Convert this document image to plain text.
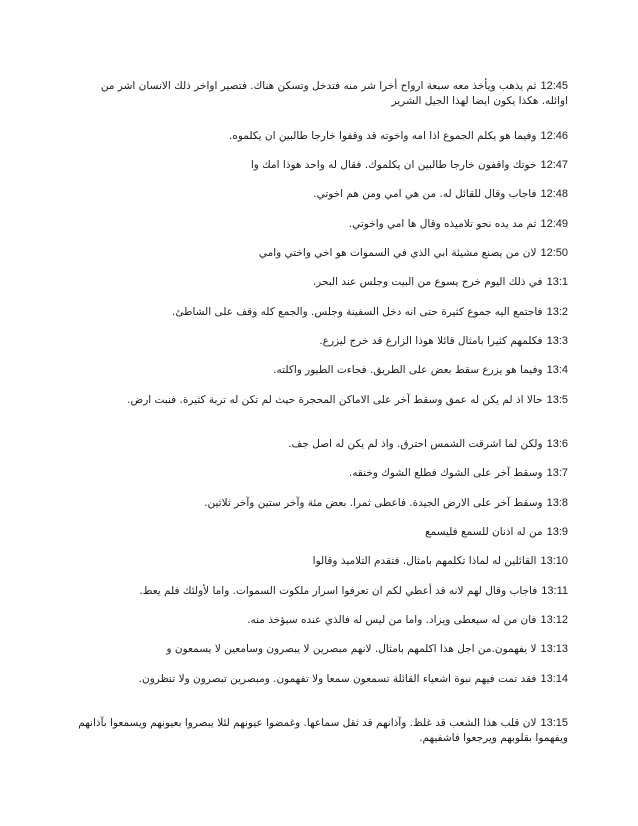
12:45ثم يذهب ويأخذ معه سبعة ارواح أخرا شر منه فتدخل وتسكن هناك. فتصير اواخر ذلك الانسان اشر من اوائله. هكذا يكون ايضا لهذا الجيل الشرير

12:46وفيما هو يكلم الجموع اذا امه واخوته قد وقفوا خارجا طالبين ان يكلموه.

12:47خوتك واقفون خارجا طالبين ان يكلموك. فقال له واحد هوذا امك وا

12:48فاجاب وقال للقائل له. من هي امي ومن هم اخوتي.

12:49ثم مد يده نحو تلاميذه وقال ها امي واخوتي.

12:50لان من يصنع مشيئة ابي الذي في السموات هو اخي واختي وامي

13:1في ذلك اليوم خرج يسوع من البيت وجلس عند البحر.

13:2فاجتمع اليه جموع كثيرة حتى انه دخل السفينة وجلس. والجمع كله وقف على الشاطئ.

13:3فكلمهم كثيرا بامثال قائلا هوذا الزارع قد خرج ليزرع.

13:4وفيما هو يزرع سقط بعض على الطريق. فجاءت الطيور واكلته.

13:5حالا اذ لم يكن له عمق وسقط آخر على الاماكن المحجرة حيث لم تكن له تربة كثيرة. فنبت ارض.

13:6ولكن لما اشرقت الشمس احترق. واذ لم يكن له اصل جف.

13:7وسقط آخر على الشوك فطلع الشوك وخنقه.

13:8وسقط آخر على الارض الجيدة. فاعطى ثمرا. بعض مئة وآخر ستين وآخر ثلاثين.

13:9من له اذنان للسمع فليسمع

13:10القائلين له لماذا تكلمهم بامثال. فتقدم التلاميذ وقالوا

13:11فاجاب وقال لهم لانه قد أعطي لكم ان تعرفوا اسرار ملكوت السموات. واما لأولئك فلم يعط.

13:12فان من له سيعطى ويزاد. واما من ليس له فالذي عنده سيؤخذ منه.

13:13لا يفهمون.من اجل هذا اكلمهم بامثال. لانهم مبصرين لا يبصرون وسامعين لا يسمعون و

13:14فقد تمت فيهم نبوة اشعياء القائلة تسمعون سمعا ولا تفهمون. ومبصرين تبصرون ولا تنظرون.

13:15لان قلب هذا الشعب قد غلظ. وآذانهم قد ثقل سماعها. وغمضوا عيونهم لئلا يبصروا بعيونهم ويسمعوا بآذانهم ويفهموا بقلوبهم ويرجعوا فاشفيهم.
